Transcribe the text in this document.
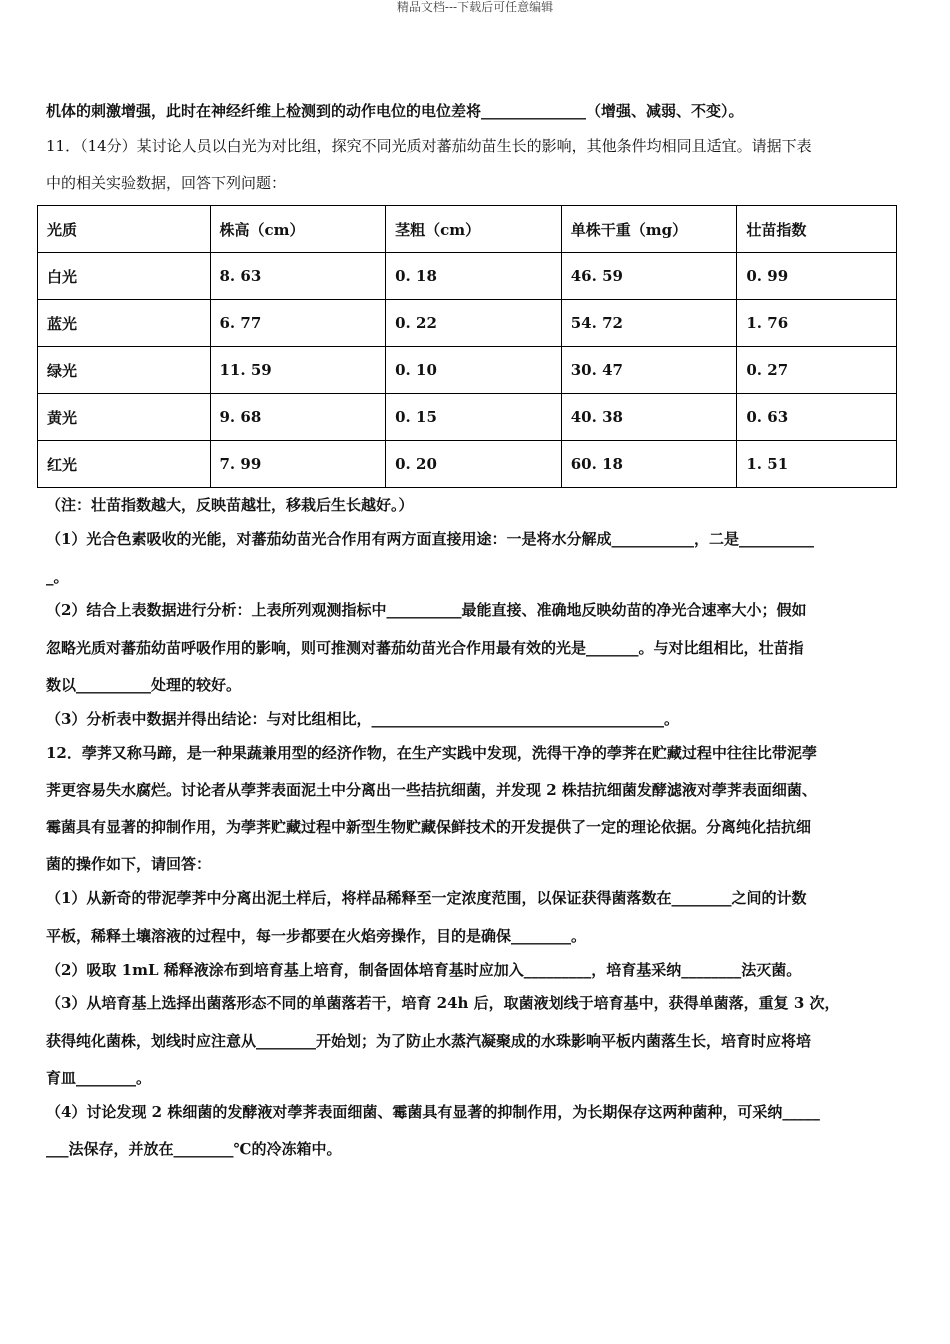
精品文档---下载后可任意编辑
机体的刺激增强，此时在神经纤维上检测到的动作电位的电位差将______________（增强、减弱、不变）。
11．（14分）某讨论人员以白光为对比组，探究不同光质对蕃茄幼苗生长的影响，其他条件均相同且适宜。请据下表
中的相关实验数据，回答下列问题：
光质	株高（cm）	茎粗（cm）	单株干重（mg）	壮苗指数
白光	8. 63	0. 18	46. 59	0. 99
蓝光	6. 77	0. 22	54. 72	1. 76
绿光	11. 59	0. 10	30. 47	0. 27
黄光	9. 68	0. 15	40. 38	0. 63
红光	7. 99	0. 20	60. 18	1. 51
（注：壮苗指数越大，反映苗越壮，移栽后生长越好。）
（1）光合色素吸收的光能，对蕃茄幼苗光合作用有两方面直接用途：一是将水分解成___________，二是__________
_。
（2）结合上表数据进行分析：上表所列观测指标中__________最能直接、准确地反映幼苗的净光合速率大小；假如
忽略光质对蕃茄幼苗呼吸作用的影响，则可推测对蕃茄幼苗光合作用最有效的光是_______。与对比组相比，壮苗指
数以__________处理的较好。
（3）分析表中数据并得出结论：与对比组相比，_______________________________________。
12．荸荠又称马蹄，是一种果蔬兼用型的经济作物，在生产实践中发现，洗得干净的荸荠在贮藏过程中往往比带泥荸
荠更容易失水腐烂。讨论者从荸荠表面泥土中分离出一些拮抗细菌，并发现 2 株拮抗细菌发酵滤液对荸荠表面细菌、
霉菌具有显著的抑制作用，为荸荠贮藏过程中新型生物贮藏保鲜技术的开发提供了一定的理论依据。分离纯化拮抗细
菌的操作如下，请回答：
（1）从新奇的带泥荸荠中分离出泥土样后，将样品稀释至一定浓度范围，以保证获得菌落数在________之间的计数
平板，稀释土壤溶液的过程中，每一步都要在火焰旁操作，目的是确保________。
（2）吸取 1mL 稀释液涂布到培育基上培育，制备固体培育基时应加入_________，培育基采纳________法灭菌。
（3）从培育基上选择出菌落形态不同的单菌落若干，培育 24h 后，取菌液划线于培育基中，获得单菌落，重复 3 次，
获得纯化菌株，划线时应注意从________开始划；为了防止水蒸汽凝聚成的水珠影响平板内菌落生长，培育时应将培
育皿________。
（4）讨论发现 2 株细菌的发酵液对荸荠表面细菌、霉菌具有显著的抑制作用，为长期保存这两种菌种，可采纳_____
___法保存，并放在________℃的冷冻箱中。
